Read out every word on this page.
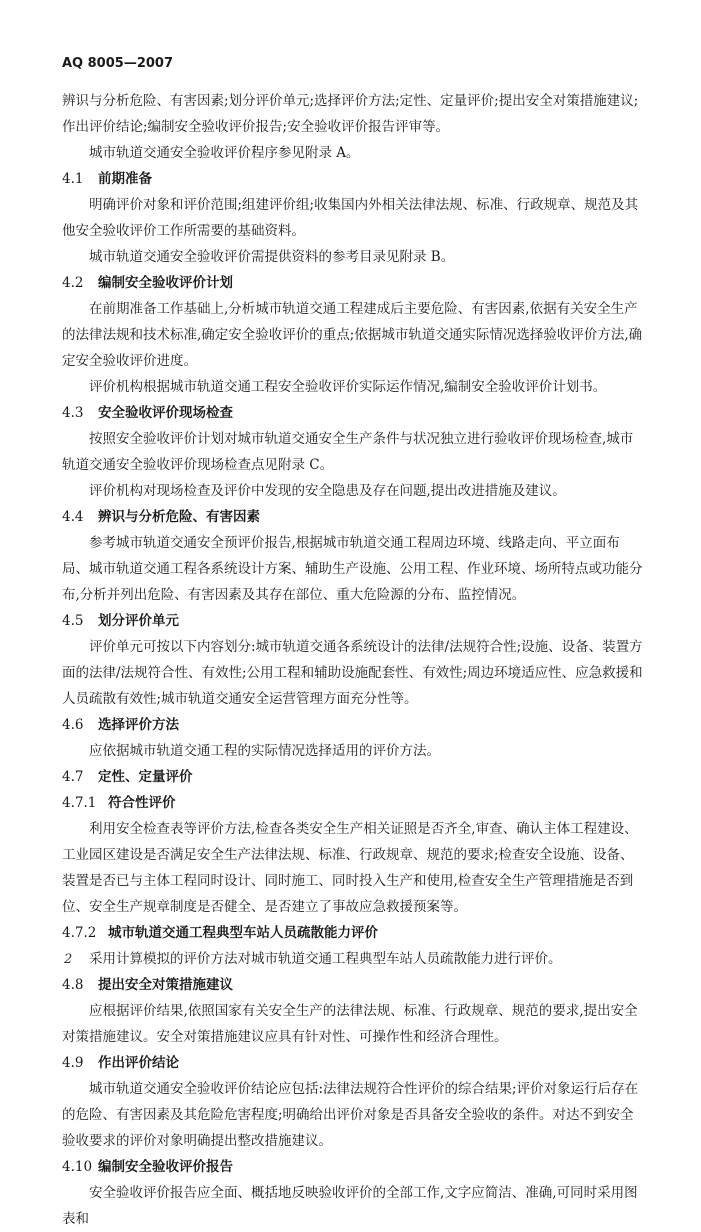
AQ 8005—2007

辨识与分析危险、有害因素;划分评价单元;选择评价方法;定性、定量评价;提出安全对策措施建议;作出评价结论;编制安全验收评价报告;安全验收评价报告评审等。

城市轨道交通安全验收评价程序参见附录 A。

4.1 前期准备

明确评价对象和评价范围;组建评价组;收集国内外相关法律法规、标准、行政规章、规范及其他安全验收评价工作所需要的基础资料。

城市轨道交通安全验收评价需提供资料的参考目录见附录 B。

4.2 编制安全验收评价计划

在前期准备工作基础上,分析城市轨道交通工程建成后主要危险、有害因素,依据有关安全生产的法律法规和技术标准,确定安全验收评价的重点;依据城市轨道交通实际情况选择验收评价方法,确定安全验收评价进度。

评价机构根据城市轨道交通工程安全验收评价实际运作情况,编制安全验收评价计划书。

4.3 安全验收评价现场检查

按照安全验收评价计划对城市轨道交通安全生产条件与状况独立进行验收评价现场检查,城市轨道交通安全验收评价现场检查点见附录 C。

评价机构对现场检查及评价中发现的安全隐患及存在问题,提出改进措施及建议。

4.4 辨识与分析危险、有害因素

参考城市轨道交通安全预评价报告,根据城市轨道交通工程周边环境、线路走向、平立面布局、城市轨道交通工程各系统设计方案、辅助生产设施、公用工程、作业环境、场所特点或功能分布,分析并列出危险、有害因素及其存在部位、重大危险源的分布、监控情况。

4.5 划分评价单元

评价单元可按以下内容划分:城市轨道交通各系统设计的法律/法规符合性;设施、设备、装置方面的法律/法规符合性、有效性;公用工程和辅助设施配套性、有效性;周边环境适应性、应急救援和人员疏散有效性;城市轨道交通安全运营管理方面充分性等。

4.6 选择评价方法

应依据城市轨道交通工程的实际情况选择适用的评价方法。

4.7 定性、定量评价

4.7.1 符合性评价

利用安全检查表等评价方法,检查各类安全生产相关证照是否齐全,审查、确认主体工程建设、工业园区建设是否满足安全生产法律法规、标准、行政规章、规范的要求;检查安全设施、设备、装置是否已与主体工程同时设计、同时施工、同时投入生产和使用,检查安全生产管理措施是否到位、安全生产规章制度是否健全、是否建立了事故应急救援预案等。

4.7.2 城市轨道交通工程典型车站人员疏散能力评价

采用计算模拟的评价方法对城市轨道交通工程典型车站人员疏散能力进行评价。

4.8 提出安全对策措施建议

应根据评价结果,依照国家有关安全生产的法律法规、标准、行政规章、规范的要求,提出安全对策措施建议。安全对策措施建议应具有针对性、可操作性和经济合理性。

4.9 作出评价结论

城市轨道交通安全验收评价结论应包括:法律法规符合性评价的综合结果;评价对象运行后存在的危险、有害因素及其危险危害程度;明确给出评价对象是否具备安全验收的条件。对达不到安全验收要求的评价对象明确提出整改措施建议。

4.10 编制安全验收评价报告

安全验收评价报告应全面、概括地反映验收评价的全部工作,文字应简洁、准确,可同时采用图表和

2
